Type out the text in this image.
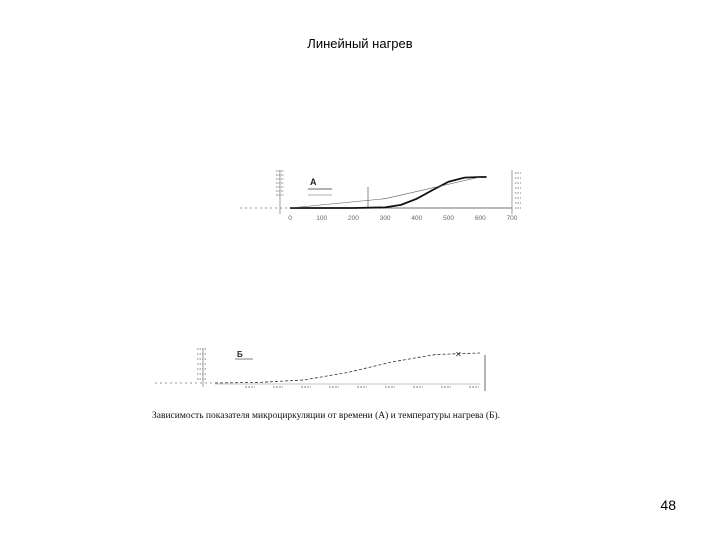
Линейный нагрев
А
0	100	200	300	400	500	600	700
✕
Б
Зависимость показателя микроциркуляции от времени (А) и температуры нагрева (Б).
48
